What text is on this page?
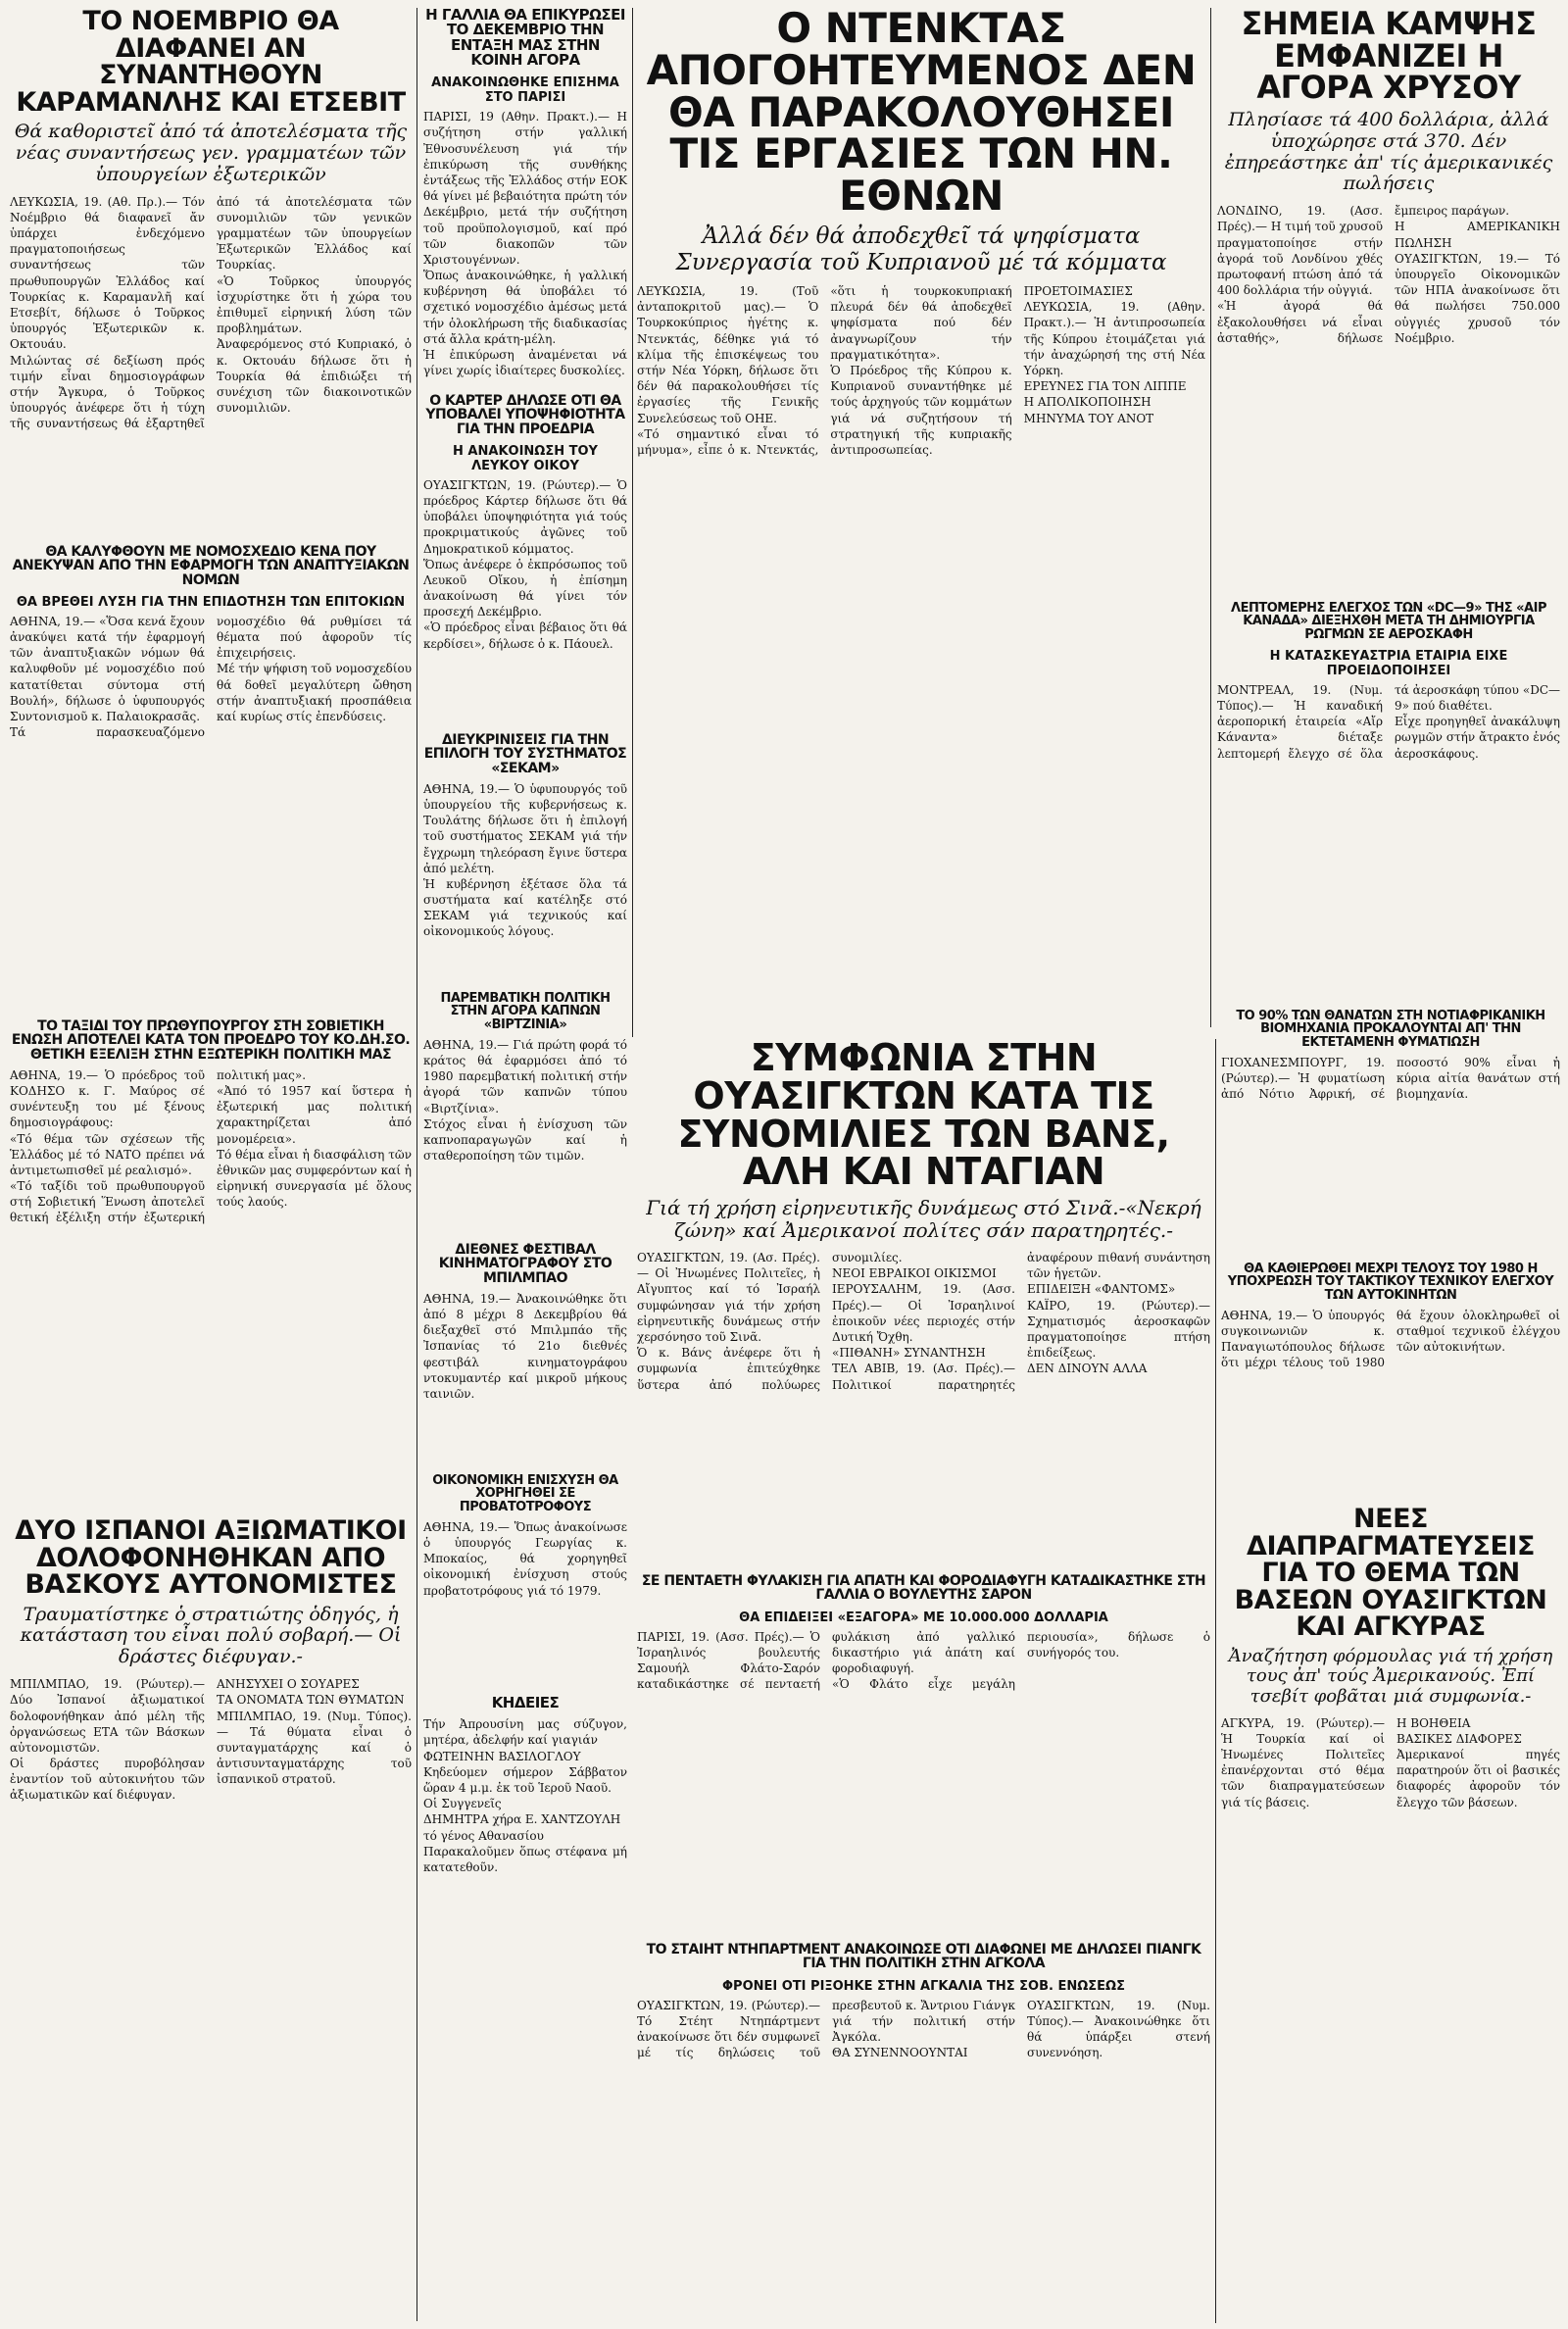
ΤΟ ΝΟΕΜΒΡΙΟ ΘΑ ΔΙΑΦΑΝΕΙ ΑΝ ΣΥΝΑΝΤΗΘΟΥΝ ΚΑΡΑΜΑΝΛΗΣ ΚΑΙ ΕΤΣΕΒΙΤ

Θά καθοριστεῖ ἀπό τά ἀποτελέσματα τῆς νέας συναντήσεως γεν. γραμματέων τῶν ὑπουργείων ἐξωτερικῶν

ΛΕΥΚΩΣΙΑ, 19. (Αθ. Πρ.).— Τόν Νοέμβριο θά διαφανεῖ ἄν ὑπάρχει ἐνδεχόμενο πραγματοποιήσεως συναντήσεως τῶν πρωθυπουργῶν Ἑλλάδος καί Τουρκίας κ. Καραμανλῆ καί Ετσεβίτ, δήλωσε ὁ Τοῦρκος ὑπουργός Ἐξωτερικῶν κ. Οκτουάυ.
Μιλώντας σέ δεξίωση πρός τιμήν εἶναι δημοσιογράφων στήν Ἄγκυρα, ὁ Τοῦρκος ὑπουργός ἀνέφερε ὅτι ἡ τύχη τῆς συναντήσεως θά ἐξαρτηθεῖ ἀπό τά ἀποτελέσματα τῶν συνομιλιῶν τῶν γενικῶν γραμματέων τῶν ὑπουργείων Ἐξωτερικῶν Ἑλλάδος καί Τουρκίας.
«Ὁ Τοῦρκος ὑπουργός ἰσχυρίστηκε ὅτι ἡ χώρα του ἐπιθυμεῖ εἰρηνική λύση τῶν προβλημάτων.
Ἀναφερόμενος στό Κυπριακό, ὁ κ. Οκτουάυ δήλωσε ὅτι ἡ Τουρκία θά ἐπιδιώξει τή συνέχιση τῶν διακοινοτικῶν συνομιλιῶν.

Η ΓΑΛΛΙΑ ΘΑ ΕΠΙΚΥΡΩΣΕΙ ΤΟ ΔΕΚΕΜΒΡΙΟ ΤΗΝ ΕΝΤΑΞΗ ΜΑΣ ΣΤΗΝ ΚΟΙΝΗ ΑΓΟΡΑ
ΑΝΑΚΟΙΝΩΘΗΚΕ ΕΠΙΣΗΜΑ ΣΤΟ ΠΑΡΙΣΙ

ΠΑΡΙΣΙ, 19 (Αθην. Πρακτ.).— Η συζήτηση στήν γαλλική Ἐθνοσυνέλευση γιά τήν ἐπικύρωση τῆς συνθήκης ἐντάξεως τῆς Ἑλλάδος στήν ΕΟΚ θά γίνει μέ βεβαιότητα πρώτη τόν Δεκέμβριο, μετά τήν συζήτηση τοῦ προϋπολογισμοῦ, καί πρό τῶν διακοπῶν τῶν Χριστουγέννων.
Ὅπως ἀνακοινώθηκε, ἡ γαλλική κυβέρνηση θά ὑποβάλει τό σχετικό νομοσχέδιο ἀμέσως μετά τήν ὁλοκλήρωση τῆς διαδικασίας στά ἄλλα κράτη-μέλη.
Ἡ ἐπικύρωση ἀναμένεται νά γίνει χωρίς ἰδιαίτερες δυσκολίες.

Ο ΚΑΡΤΕΡ ΔΗΛΩΣΕ ΟΤΙ ΘΑ ΥΠΟΒΑΛΕΙ ΥΠΟΨΗΦΙΟΤΗΤΑ ΓΙΑ ΤΗΝ ΠΡΟΕΔΡΙΑ
Η ΑΝΑΚΟΙΝΩΣΗ ΤΟΥ ΛΕΥΚΟΥ ΟΙΚΟΥ

ΟΥΑΣΙΓΚΤΩΝ, 19. (Ρώυτερ).— Ὁ πρόεδρος Κάρτερ δήλωσε ὅτι θά ὑποβάλει ὑποψηφιότητα γιά τούς προκριματικούς ἀγῶνες τοῦ Δημοκρατικοῦ κόμματος.
Ὅπως ἀνέφερε ὁ ἐκπρόσωπος τοῦ Λευκοῦ Οἴκου, ἡ ἐπίσημη ἀνακοίνωση θά γίνει τόν προσεχή Δεκέμβριο.
«Ὁ πρόεδρος εἶναι βέβαιος ὅτι θά κερδίσει», δήλωσε ὁ κ. Πάουελ.

ΔΙΕΥΚΡΙΝΙΣΕΙΣ ΓΙΑ ΤΗΝ ΕΠΙΛΟΓΗ ΤΟΥ ΣΥΣΤΗΜΑΤΟΣ «ΣΕΚΑΜ»

ΑΘΗΝΑ, 19.— Ὁ ὑφυπουργός τοῦ ὑπουργείου τῆς κυβερνήσεως κ. Τουλάτης δήλωσε ὅτι ἡ ἐπιλογή τοῦ συστήματος ΣΕΚΑΜ γιά τήν ἔγχρωμη τηλεόραση ἔγινε ὕστερα ἀπό μελέτη.
Ἡ κυβέρνηση ἐξέτασε ὅλα τά συστήματα καί κατέληξε στό ΣΕΚΑΜ γιά τεχνικούς καί οἰκονομικούς λόγους.

ΠΑΡΕΜΒΑΤΙΚΗ ΠΟΛΙΤΙΚΗ ΣΤΗΝ ΑΓΟΡΑ ΚΑΠΝΩΝ «ΒΙΡΤΖΙΝΙΑ»

ΑΘΗΝΑ, 19.— Γιά πρώτη φορά τό κράτος θά ἐφαρμόσει ἀπό τό 1980 παρεμβατική πολιτική στήν ἀγορά τῶν καπνῶν τύπου «Βιρτζίνια».
Στόχος εἶναι ἡ ἐνίσχυση τῶν καπνοπαραγωγῶν καί ἡ σταθεροποίηση τῶν τιμῶν.

ΔΙΕΘΝΕΣ ΦΕΣΤΙΒΑΛ ΚΙΝΗΜΑΤΟΓΡΑΦΟΥ ΣΤΟ ΜΠΙΛΜΠΑΟ

ΑΘΗΝΑ, 19.— Ἀνακοινώθηκε ὅτι ἀπό 8 μέχρι 8 Δεκεμβρίου θά διεξαχθεῖ στό Μπιλμπάο τῆς Ἰσπανίας τό 21ο διεθνές φεστιβάλ κινηματογράφου ντοκυμαντέρ καί μικροῦ μήκους ταινιῶν.

ΟΙΚΟΝΟΜΙΚΗ ΕΝΙΣΧΥΣΗ ΘΑ ΧΟΡΗΓΗΘΕΙ ΣΕ ΠΡΟΒΑΤΟΤΡΟΦΟΥΣ

ΑΘΗΝΑ, 19.— Ὅπως ἀνακοίνωσε ὁ ὑπουργός Γεωργίας κ. Μποκαίος, θά χορηγηθεῖ οἰκονομική ἐνίσχυση στούς προβατοτρόφους γιά τό 1979.

Ο ΝΤΕΝΚΤΑΣ ΑΠΟΓΟΗΤΕΥΜΕΝΟΣ ΔΕΝ ΘΑ ΠΑΡΑΚΟΛΟΥΘΗΣΕΙ ΤΙΣ ΕΡΓΑΣΙΕΣ ΤΩΝ ΗΝ. ΕΘΝΩΝ

Ἀλλά δέν θά ἀποδεχθεῖ τά ψηφίσματα Συνεργασία τοῦ Κυπριανοῦ μέ τά κόμματα

ΛΕΥΚΩΣΙΑ, 19. (Τοῦ ἀνταποκριτοῦ μας).— Ὁ Τουρκοκύπριος ἡγέτης κ. Ντενκτάς, δέθηκε γιά τό κλίμα τῆς ἐπισκέψεως του στήν Νέα Υόρκη, δήλωσε ὅτι δέν θά παρακολουθήσει τίς ἐργασίες τῆς Γενικῆς Συνελεύσεως τοῦ ΟΗΕ.
«Τό σημαντικό εἶναι τό μήνυμα», εἶπε ὁ κ. Ντενκτάς, «ὅτι ἡ τουρκοκυπριακή πλευρά δέν θά ἀποδεχθεῖ ψηφίσματα πού δέν ἀναγνωρίζουν τήν πραγματικότητα».
Ὁ Πρόεδρος τῆς Κύπρου κ. Κυπριανοῦ συναντήθηκε μέ τούς ἀρχηγούς τῶν κομμάτων γιά νά συζητήσουν τή στρατηγική τῆς κυπριακῆς ἀντιπροσωπείας.
ΠΡΟΕΤΟΙΜΑΣΙΕΣ
ΛΕΥΚΩΣΙΑ, 19. (Αθην. Πρακτ.).— Ἡ ἀντιπροσωπεία τῆς Κύπρου ἑτοιμάζεται γιά τήν ἀναχώρησή της στή Νέα Υόρκη.
ΕΡΕΥΝΕΣ ΓΙΑ ΤΟΝ ΛΙΠΠΕ
Η ΑΠΟΛΙΚΟΠΟΙΗΣΗ
ΜΗΝΥΜΑ ΤΟΥ ΑΝΟΤ

ΣΗΜΕΙΑ ΚΑΜΨΗΣ ΕΜΦΑΝΙΖΕΙ Η ΑΓΟΡΑ ΧΡΥΣΟΥ

Πλησίασε τά 400 δολλάρια, ἀλλά ὑποχώρησε στά 370. Δέν ἐπηρεάστηκε ἀπ' τίς ἀμερικανικές πωλήσεις

ΛΟΝΔΙΝΟ, 19. (Ασσ. Πρές).— Η τιμή τοῦ χρυσοῦ πραγματοποίησε στήν ἀγορά τοῦ Λονδίνου χθές πρωτοφανή πτώση ἀπό τά 400 δολλάρια τήν οὐγγιά.
«Ἡ ἀγορά θά ἐξακολουθήσει νά εἶναι ἀσταθής», δήλωσε ἔμπειρος παράγων.
Η ΑΜΕΡΙΚΑΝΙΚΗ ΠΩΛΗΣΗ
ΟΥΑΣΙΓΚΤΩΝ, 19.— Τό ὑπουργεῖο Οἰκονομικῶν τῶν ΗΠΑ ἀνακοίνωσε ὅτι θά πωλήσει 750.000 οὐγγιές χρυσοῦ τόν Νοέμβριο.

ΘΑ ΚΑΛΥΦΘΟΥΝ ΜΕ ΝΟΜΟΣΧΕΔΙΟ ΚΕΝΑ ΠΟΥ ΑΝΕΚΥΨΑΝ ΑΠΟ ΤΗΝ ΕΦΑΡΜΟΓΗ ΤΩΝ ΑΝΑΠΤΥΞΙΑΚΩΝ ΝΟΜΩΝ
ΘΑ ΒΡΕΘΕΙ ΛΥΣΗ ΓΙΑ ΤΗΝ ΕΠΙΔΟΤΗΣΗ ΤΩΝ ΕΠΙΤΟΚΙΩΝ

ΑΘΗΝΑ, 19.— «Ὅσα κενά ἔχουν ἀνακύψει κατά τήν ἐφαρμογή τῶν ἀναπτυξιακῶν νόμων θά καλυφθοῦν μέ νομοσχέδιο πού κατατίθεται σύντομα στή Βουλή», δήλωσε ὁ ὑφυπουργός Συντονισμοῦ κ. Παλαιοκρασᾶς.
Τά παρασκευαζόμενο νομοσχέδιο θά ρυθμίσει τά θέματα πού ἀφοροῦν τίς ἐπιχειρήσεις.
Μέ τήν ψήφιση τοῦ νομοσχεδίου θά δοθεῖ μεγαλύτερη ὤθηση στήν ἀναπτυξιακή προσπάθεια καί κυρίως στίς ἐπενδύσεις.

ΤΟ ΤΑΞΙΔΙ ΤΟΥ ΠΡΩΘΥΠΟΥΡΓΟΥ ΣΤΗ ΣΟΒΙΕΤΙΚΗ ΕΝΩΣΗ ΑΠΟΤΕΛΕΙ ΚΑΤΑ ΤΟΝ ΠΡΟΕΔΡΟ ΤΟΥ ΚΟ.ΔΗ.ΣΟ. ΘΕΤΙΚΗ ΕΞΕΛΙΞΗ ΣΤΗΝ ΕΞΩΤΕΡΙΚΗ ΠΟΛΙΤΙΚΗ ΜΑΣ

ΑΘΗΝΑ, 19.— Ὁ πρόεδρος τοῦ ΚΟΔΗΣΟ κ. Γ. Μαύρος σέ συνέντευξη του μέ ξένους δημοσιογράφους:
«Τό θέμα τῶν σχέσεων τῆς Ἑλλάδος μέ τό ΝΑΤΟ πρέπει νά ἀντιμετωπισθεῖ μέ ρεαλισμό».
«Τό ταξίδι τοῦ πρωθυπουργοῦ στή Σοβιετική Ἕνωση ἀποτελεῖ θετική ἐξέλιξη στήν ἐξωτερική πολιτική μας».
«Ἀπό τό 1957 καί ὕστερα ἡ ἐξωτερική μας πολιτική χαρακτηρίζεται ἀπό μονομέρεια».
Τό θέμα εἶναι ἡ διασφάλιση τῶν ἐθνικῶν μας συμφερόντων καί ἡ εἰρηνική συνεργασία μέ ὅλους τούς λαούς.

ΔΥΟ ΙΣΠΑΝΟΙ ΑΞΙΩΜΑΤΙΚΟΙ ΔΟΛΟΦΟΝΗΘΗΚΑΝ ΑΠΟ ΒΑΣΚΟΥΣ ΑΥΤΟΝΟΜΙΣΤΕΣ

Τραυματίστηκε ὁ στρατιώτης ὁδηγός, ἡ κατάσταση του εἶναι πολύ σοβαρή.— Οἱ δράστες διέφυγαν.-

ΜΠΙΛΜΠΑΟ, 19. (Ρώυτερ).— Δύο Ἰσπανοί ἀξιωματικοί δολοφονήθηκαν ἀπό μέλη τῆς ὀργανώσεως ΕΤΑ τῶν Βάσκων αὐτονομιστῶν.
Οἱ δράστες πυροβόλησαν ἐναντίον τοῦ αὐτοκινήτου τῶν ἀξιωματικῶν καί διέφυγαν.
ΑΝΗΣΥΧΕΙ Ο ΣΟΥΑΡΕΣ
ΤΑ ΟΝΟΜΑΤΑ ΤΩΝ ΘΥΜΑΤΩΝ
ΜΠΙΛΜΠΑΟ, 19. (Νυμ. Τύπος).— Τά θύματα εἶναι ὁ συνταγματάρχης καί ὁ ἀντισυνταγματάρχης τοῦ ἰσπανικοῦ στρατοῦ.

ΣΥΜΦΩΝΙΑ ΣΤΗΝ ΟΥΑΣΙΓΚΤΩΝ ΚΑΤΑ ΤΙΣ ΣΥΝΟΜΙΛΙΕΣ ΤΩΝ ΒΑΝΣ, ΑΛΗ ΚΑΙ ΝΤΑΓΙΑΝ

Γιά τή χρήση εἰρηνευτικῆς δυνάμεως στό Σινᾶ.-«Νεκρή ζώνη» καί Ἀμερικανοί πολίτες σάν παρατηρητές.-

ΟΥΑΣΙΓΚΤΩΝ, 19. (Ασ. Πρές).— Οἱ Ἠνωμένες Πολιτεῖες, ἡ Αἴγυπτος καί τό Ἰσραήλ συμφώνησαν γιά τήν χρήση εἰρηνευτικῆς δυνάμεως στήν χερσόνησο τοῦ Σινᾶ.
Ὁ κ. Βάνς ἀνέφερε ὅτι ἡ συμφωνία ἐπιτεύχθηκε ὕστερα ἀπό πολύωρες συνομιλίες.
ΝΕΟΙ ΕΒΡΑΙΚΟΙ ΟΙΚΙΣΜΟΙ
ΙΕΡΟΥΣΑΛΗΜ, 19. (Ασσ. Πρές).— Οἱ Ἰσραηλινοί ἐποικοῦν νέες περιοχές στήν Δυτική Ὄχθη.
«ΠΙΘΑΝΗ» ΣΥΝΑΝΤΗΣΗ
ΤΕΛ ΑΒΙΒ, 19. (Ασ. Πρές).— Πολιτικοί παρατηρητές ἀναφέρουν πιθανή συνάντηση τῶν ἡγετῶν.
ΕΠΙΔΕΙΞΗ «ΦΑΝΤΟΜΣ»
ΚΑΪΡΟ, 19. (Ρώυτερ).— Σχηματισμός ἀεροσκαφῶν πραγματοποίησε πτήση ἐπιδείξεως.
ΔΕΝ ΔΙΝΟΥΝ ΑΛΛΑ

ΣΕ ΠΕΝΤΑΕΤΗ ΦΥΛΑΚΙΣΗ ΓΙΑ ΑΠΑΤΗ ΚΑΙ ΦΟΡΟΔΙΑΦΥΓΗ ΚΑΤΑΔΙΚΑΣΤΗΚΕ ΣΤΗ ΓΑΛΛΙΑ Ο ΒΟΥΛΕΥΤΗΣ ΣΑΡΟΝ
ΘΑ ΕΠΙΔΕΙΞΕΙ «ΕΞΑΓΟΡΑ» ΜΕ 10.000.000 ΔΟΛΛΑΡΙΑ

ΠΑΡΙΣΙ, 19. (Ασσ. Πρές).— Ὁ Ἰσραηλινός βουλευτής Σαμουήλ Φλάτο-Σαρόν καταδικάστηκε σέ πενταετή φυλάκιση ἀπό γαλλικό δικαστήριο γιά ἀπάτη καί φοροδιαφυγή.
«Ὁ Φλάτο εἶχε μεγάλη περιουσία», δήλωσε ὁ συνήγορός του.

ΤΟ ΣΤΑΙΗΤ ΝΤΗΠΑΡΤΜΕΝΤ ΑΝΑΚΟΙΝΩΣΕ ΟΤΙ ΔΙΑΦΩΝΕΙ ΜΕ ΔΗΛΩΣΕΙ ΠΙΑΝΓΚ ΓΙΑ ΤΗΝ ΠΟΛΙΤΙΚΗ ΣΤΗΝ ΑΓΚΟΛΑ
ΦΡΟΝΕΙ ΟΤΙ ΡΙΞΟΗΚΕ ΣΤΗΝ ΑΓΚΑΛΙΑ ΤΗΣ ΣΟΒ. ΕΝΩΣΕΩΣ

ΟΥΑΣΙΓΚΤΩΝ, 19. (Ρώυτερ).— Τό Στέητ Ντηπάρτμεντ ἀνακοίνωσε ὅτι δέν συμφωνεῖ μέ τίς δηλώσεις τοῦ πρεσβευτοῦ κ. Ἄντριου Γιάνγκ γιά τήν πολιτική στήν Ἀγκόλα.
ΘΑ ΣΥΝΕΝΝΟΟΥΝΤΑΙ
ΟΥΑΣΙΓΚΤΩΝ, 19. (Νυμ. Τύπος).— Ἀνακοινώθηκε ὅτι θά ὑπάρξει στενή συνεννόηση.

ΛΕΠΤΟΜΕΡΗΣ ΕΛΕΓΧΟΣ ΤΩΝ «DC—9» ΤΗΣ «ΑΙΡ ΚΑΝΑΔΑ» ΔΙΕΞΗΧΘΗ ΜΕΤΑ ΤΗ ΔΗΜΙΟΥΡΓΙΑ ΡΩΓΜΩΝ ΣΕ ΑΕΡΟΣΚΑΦΗ
Η ΚΑΤΑΣΚΕΥΑΣΤΡΙΑ ΕΤΑΙΡΙΑ ΕΙΧΕ ΠΡΟΕΙΔΟΠΟΙΗΣΕΙ

ΜΟΝΤΡΕΑΛ, 19. (Νυμ. Τύπος).— Ἡ καναδική ἀεροπορική ἑταιρεία «Αἴρ Κάναντα» διέταξε λεπτομερή ἔλεγχο σέ ὅλα τά ἀεροσκάφη τύπου «DC—9» πού διαθέτει.
Εἶχε προηγηθεῖ ἀνακάλυψη ρωγμῶν στήν ἄτρακτο ἑνός ἀεροσκάφους.

ΤΟ 90% ΤΩΝ ΘΑΝΑΤΩΝ ΣΤΗ ΝΟΤΙΑΦΡΙΚΑΝΙΚΗ ΒΙΟΜΗΧΑΝΙΑ ΠΡΟΚΑΛΟΥΝΤΑΙ ΑΠ' ΤΗΝ ΕΚΤΕΤΑΜΕΝΗ ΦΥΜΑΤΙΩΣΗ

ΓΙΟΧΑΝΕΣΜΠΟΥΡΓ, 19. (Ρώυτερ).— Ἡ φυματίωση ἀπό Νότιο Ἀφρική, σέ ποσοστό 90% εἶναι ἡ κύρια αἰτία θανάτων στή βιομηχανία.

ΘΑ ΚΑΘΙΕΡΩΘΕΙ ΜΕΧΡΙ ΤΕΛΟΥΣ ΤΟΥ 1980 Η ΥΠΟΧΡΕΩΣΗ ΤΟΥ ΤΑΚΤΙΚΟΥ ΤΕΧΝΙΚΟΥ ΕΛΕΓΧΟΥ ΤΩΝ ΑΥΤΟΚΙΝΗΤΩΝ

ΑΘΗΝΑ, 19.— Ὁ ὑπουργός συγκοινωνιῶν κ. Παναγιωτόπουλος δήλωσε ὅτι μέχρι τέλους τοῦ 1980 θά ἔχουν ὁλοκληρωθεῖ οἱ σταθμοί τεχνικοῦ ἐλέγχου τῶν αὐτοκινήτων.

ΝΕΕΣ ΔΙΑΠΡΑΓΜΑΤΕΥΣΕΙΣ ΓΙΑ ΤΟ ΘΕΜΑ ΤΩΝ ΒΑΣΕΩΝ ΟΥΑΣΙΓΚΤΩΝ ΚΑΙ ΑΓΚΥΡΑΣ

Ἀναζήτηση φόρμουλας γιά τή χρήση τους ἀπ' τούς Ἀμερικανούς. Ἐπί τσεβίτ φοβᾶται μιά συμφωνία.-

ΑΓΚΥΡΑ, 19. (Ρώυτερ).— Ἡ Τουρκία καί οἱ Ἠνωμένες Πολιτεῖες ἐπανέρχονται στό θέμα τῶν διαπραγματεύσεων γιά τίς βάσεις.
Η ΒΟΗΘΕΙΑ
ΒΑΣΙΚΕΣ ΔΙΑΦΟΡΕΣ
Ἀμερικανοί πηγές παρατηρούν ὅτι οἱ βασικές διαφορές ἀφοροῦν τόν ἔλεγχο τῶν βάσεων.

ΚΗΔΕΙΕΣ

Τήν Ἀπρουσίνη μας σύζυγον, μητέρα, ἀδελφήν καί γιαγιάν
ΦΩΤΕΙΝΗΝ ΒΑΣΙΛΟΓΛΟΥ
Κηδεύομεν σήμερον Σάββατον ὥραν 4 μ.μ. ἐκ τοῦ Ἱεροῦ Ναοῦ.
Οἱ Συγγενεῖς
ΔΗΜΗΤΡΑ χήρα Ε. ΧΑΝΤΖΟΥΛΗ
τό γένος Αθανασίου
Παρακαλοῦμεν ὅπως στέφανα μή κατατεθοῦν.
